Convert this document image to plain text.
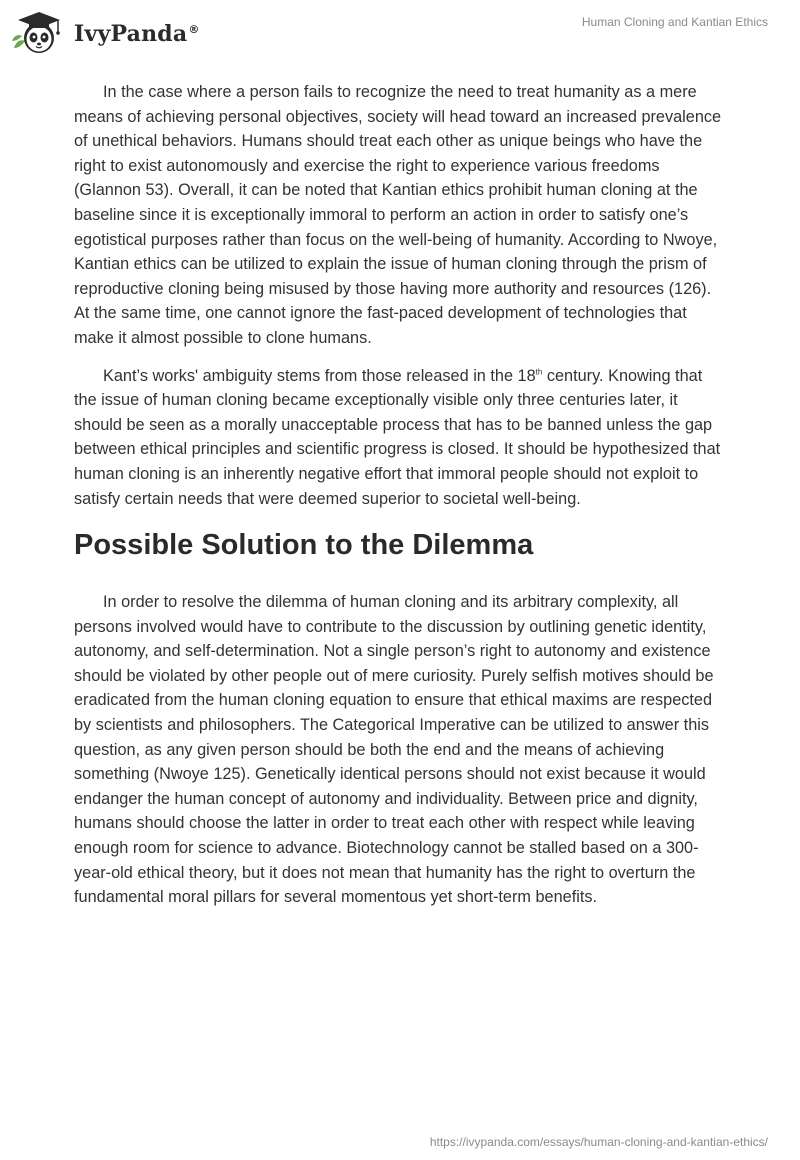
IvyPanda®
Human Cloning and Kantian Ethics

In the case where a person fails to recognize the need to treat humanity as a mere means of achieving personal objectives, society will head toward an increased prevalence of unethical behaviors. Humans should treat each other as unique beings who have the right to exist autonomously and exercise the right to experience various freedoms (Glannon 53). Overall, it can be noted that Kantian ethics prohibit human cloning at the baseline since it is exceptionally immoral to perform an action in order to satisfy one’s egotistical purposes rather than focus on the well-being of humanity. According to Nwoye, Kantian ethics can be utilized to explain the issue of human cloning through the prism of reproductive cloning being misused by those having more authority and resources (126). At the same time, one cannot ignore the fast-paced development of technologies that make it almost possible to clone humans.

Kant’s works' ambiguity stems from those released in the 18th century. Knowing that the issue of human cloning became exceptionally visible only three centuries later, it should be seen as a morally unacceptable process that has to be banned unless the gap between ethical principles and scientific progress is closed. It should be hypothesized that human cloning is an inherently negative effort that immoral people should not exploit to satisfy certain needs that were deemed superior to societal well-being.

Possible Solution to the Dilemma

In order to resolve the dilemma of human cloning and its arbitrary complexity, all persons involved would have to contribute to the discussion by outlining genetic identity, autonomy, and self-determination. Not a single person’s right to autonomy and existence should be violated by other people out of mere curiosity. Purely selfish motives should be eradicated from the human cloning equation to ensure that ethical maxims are respected by scientists and philosophers. The Categorical Imperative can be utilized to answer this question, as any given person should be both the end and the means of achieving something (Nwoye 125). Genetically identical persons should not exist because it would endanger the human concept of autonomy and individuality. Between price and dignity, humans should choose the latter in order to treat each other with respect while leaving enough room for science to advance. Biotechnology cannot be stalled based on a 300-year-old ethical theory, but it does not mean that humanity has the right to overturn the fundamental moral pillars for several momentous yet short-term benefits.

https://ivypanda.com/essays/human-cloning-and-kantian-ethics/
